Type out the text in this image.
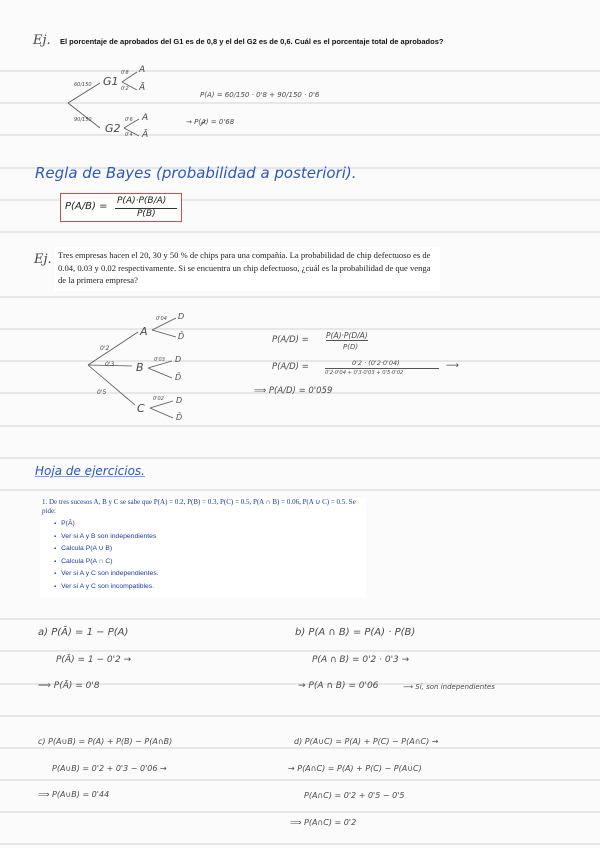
Ej. El porcentaje de aprobados del G1 es de 0,8 y el del G2 es de 0,6. Cuál es el porcentaje total de aprobados?
60/150
90/150
G1
G2
0'8
0'2
A
Ā
0'6
0'4
A
Ā
P(A) = 60/150 · 0'8 + 90/150 · 0'6
→ P(A) = 0'68
Regla de Bayes (probabilidad a posteriori).
P(A/B) = P(A)·P(B/A)
P(B)
Ej. Tres empresas hacen el 20, 30 y 50 % de chips para una compañía. La probabilidad de chip defectuoso es de 0.04, 0.03 y 0.02 respectivamente. Si se encuentra un chip defectuoso, ¿cuál es la probabilidad de que venga de la primera empresa?
0'2
0'3
0'5
A
B
C
0'04
0'03
0'02
D
D̄
D
D̄
D
D̄
P(A/D) = P(A)·P(D/A)
P(D)
P(A/D) =	0'2 · (0'2·0'04)
0'2·0'04 + 0'3·0'03 + 0'5·0'02
⟶
⟹ P(A/D) = 0'059
Hoja de ejercicios.
1. De tres sucesos A, B y C se sabe que P(A) = 0.2, P(B) = 0.3, P(C) = 0.5, P(A ∩ B) = 0.06, P(A ∪ C) = 0.5. Se pide:
▪ P(Ā)
▪ Ver si A y B son independientes
▪ Calcula P(A ∪ B)
▪ Calcula P(A ∩ C)
▪ Ver si A y C son independientes.
▪ Ver si A y C son incompatibles.
a) P(Ā) = 1 − P(A)
P(Ā) = 1 − 0'2 →
⟹ P(Ā) = 0'8
b) P(A ∩ B) = P(A) · P(B)
P(A ∩ B) = 0'2 · 0'3 →
→ P(A ∩ B) = 0'06	⟶ Sí, son independientes
c) P(A∪B) = P(A) + P(B) − P(A∩B)
P(A∪B) = 0'2 + 0'3 − 0'06 →
⟹ P(A∪B) = 0'44
d) P(A∪C) = P(A) + P(C) − P(A∩C) →
→ P(A∩C) = P(A) + P(C) − P(A∪C)
P(A∩C) = 0'2 + 0'5 − 0'5
⟹ P(A∩C) = 0'2
